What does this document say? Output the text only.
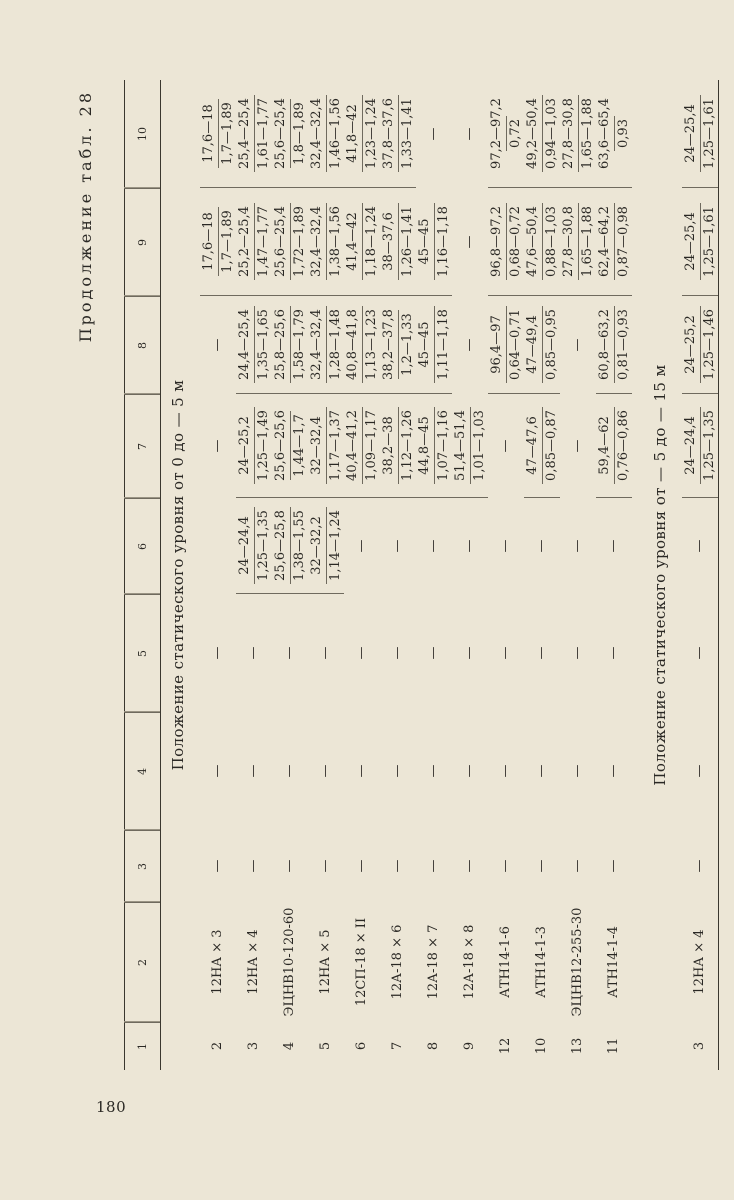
180
Продолжение табл. 28
1
2
3
4
5
6
7
8
9
10
Положение статического уровня от 0 до — 5 м
2
12НА × 3
—
—
—
—
—
17,6—18 1,7—1,89
17,6—18 1,7—1,89
3
12НА × 4
—
—
—
24—24,4 1,25—1,35
24—25,2 1,25—1,49
24,4—25,4 1,35—1,65
25,2—25,4 1,47—1,77
25,4—25,4 1,61—1,77
4
ЭЦНВ10-120-60
—
—
—
25,6—25,8 1,38—1,55
25,6—25,6 1,44—1,7
25,8—25,6 1,58—1,79
25,6—25,4 1,72—1,89
25,6—25,4 1,8—1,89
5
12НА × 5
—
—
—
32—32,2 1,14—1,24
32—32,4 1,17—1,37
32,4—32,4 1,28—1,48
32,4—32,4 1,38—1,56
32,4—32,4 1,46—1,56
6
12СП-18 × II
—
—
—
—
40,4—41,2 1,09—1,17
40,8—41,8 1,13—1,23
41,4—42 1,18—1,24
41,8—42 1,23—1,24
7
12А-18 × 6
—
—
—
—
38,2—38 1,12—1,26
38,2—37,8 1,2—1,33
38—37,6 1,26—1,41
37,8—37,6 1,33—1,41
8
12А-18 × 7
—
—
—
—
44,8—45 1,07—1,16
45—45 1,11—1,18
45—45 1,16—1,18
—
9
12А-18 × 8
—
—
—
—
51,4—51,4 1,01—1,03
—
—
—
12
АТН14-1-6
—
—
—
—
—
96,4—97 0,64—0,71
96,8—97,2 0,68—0,72
97,2—97,2 0,72
10
АТН14-1-3
—
—
—
—
47—47,6 0,85—0,87
47—49,4 0,85—0,95
47,6—50,4 0,88—1,03
49,2—50,4 0,94—1,03
13
ЭЦНВ12-255-30
—
—
—
—
—
—
27,8—30,8 1,65—1,88
27,8—30,8 1,65—1,88
11
АТН14-1-4
—
—
—
—
59,4—62 0,76—0,86
60,8—63,2 0,81—0,93
62,4—64,2 0,87—0,98
63,6—65,4 0,93
Положение статического уровня от — 5 до — 15 м
3
12НА × 4
—
—
—
—
24—24,4 1,25—1,35
24—25,2 1,25—1,46
24—25,4 1,25—1,61
24—25,4 1,25—1,61
